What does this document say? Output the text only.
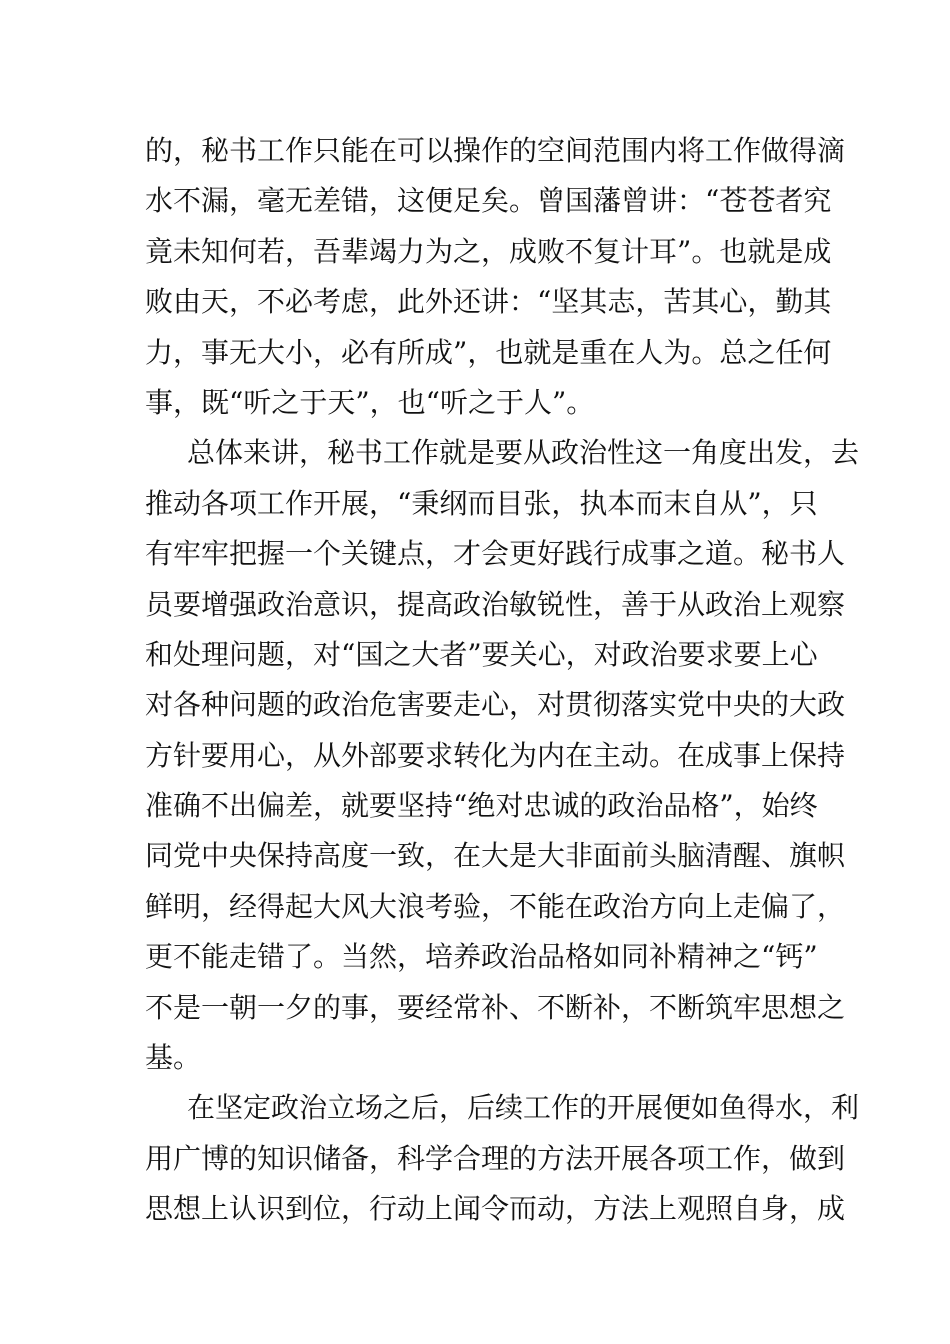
的，秘书工作只能在可以操作的空间范围内将工作做得滴
水不漏，毫无差错，这便足矣。曾国藩曾讲：“苍苍者究
竟未知何若，吾辈竭力为之，成败不复计耳”。也就是成
败由天，不必考虑，此外还讲：“坚其志，苦其心，勤其
力，事无大小，必有所成”，也就是重在人为。总之任何
事，既“听之于天”，也“听之于人”。
总体来讲，秘书工作就是要从政治性这一角度出发，去
推动各项工作开展，“秉纲而目张，执本而末自从”，只
有牢牢把握一个关键点，才会更好践行成事之道。秘书人
员要增强政治意识，提高政治敏锐性，善于从政治上观察
和处理问题，对“国之大者”要关心，对政治要求要上心
对各种问题的政治危害要走心，对贯彻落实党中央的大政
方针要用心，从外部要求转化为内在主动。在成事上保持
准确不出偏差，就要坚持“绝对忠诚的政治品格”，始终
同党中央保持高度一致，在大是大非面前头脑清醒、旗帜
鲜明，经得起大风大浪考验，不能在政治方向上走偏了，
更不能走错了。当然，培养政治品格如同补精神之“钙”
不是一朝一夕的事，要经常补、不断补，不断筑牢思想之
基。
在坚定政治立场之后，后续工作的开展便如鱼得水，利
用广博的知识储备，科学合理的方法开展各项工作，做到
思想上认识到位，行动上闻令而动，方法上观照自身，成
